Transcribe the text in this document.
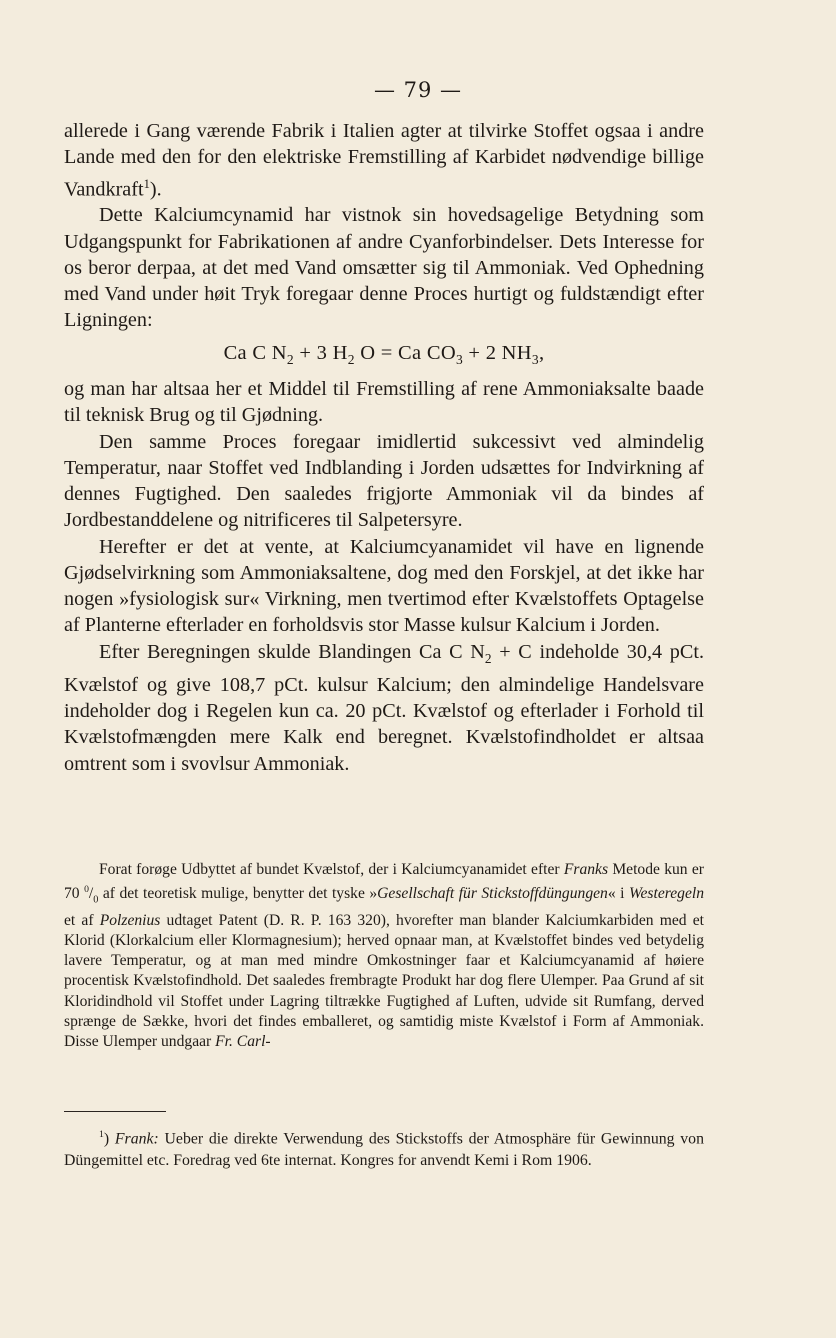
— 79 —

allerede i Gang værende Fabrik i Italien agter at tilvirke Stoffet ogsaa i andre Lande med den for den elektriske Fremstilling af Karbidet nødvendige billige Vandkraft$^1$).

Dette Kalciumcynamid har vistnok sin hovedsagelige Betydning som Udgangspunkt for Fabrikationen af andre Cyanforbindelser. Dets Interesse for os beror derpaa, at det med Vand omsætter sig til Ammoniak. Ved Ophedning med Vand under høit Tryk foregaar denne Proces hurtigt og fuldstændigt efter Ligningen:

Ca C $N_2 + 3$ $H_2$ O = Ca $CO_3 + 2$ $NH_3$,

og man har altsaa her et Middel til Fremstilling af rene Ammoniaksalte baade til teknisk Brug og til Gjødning.

Den samme Proces foregaar imidlertid sukcessivt ved almindelig Temperatur, naar Stoffet ved Indblanding i Jorden udsættes for Indvirkning af dennes Fugtighed. Den saaledes frigjorte Ammoniak vil da bindes af Jordbestanddelene og nitrificeres til Salpetersyre.

Herefter er det at vente, at Kalciumcyanamidet vil have en lignende Gjødselvirkning som Ammoniaksaltene, dog med den Forskjel, at det ikke har nogen »fysiologisk sur« Virkning, men tvertimod efter Kvælstoffets Optagelse af Planterne efterlader en forholdsvis stor Masse kulsur Kalcium i Jorden.

Efter Beregningen skulde Blandingen Ca C $N_2 + C$ indeholde 30,4 pCt. Kvælstof og give 108,7 pCt. kulsur Kalcium; den almindelige Handelsvare indeholder dog i Regelen kun ca. 20 pCt. Kvælstof og efterlader i Forhold til Kvælstofmængden mere Kalk end beregnet. Kvælstofindholdet er altsaa omtrent som i svovlsur Ammoniak.

Forat forøge Udbyttet af bundet Kvælstof, der i Kalciumcyanamidet efter Franks Metode kun er 70 $^0/_0$ af det teoretisk mulige, benytter det tyske »Gesellschaft für Stickstoffdüngungen« i Westeregeln et af Polzenius udtaget Patent (D. R. P. 163 320), hvorefter man blander Kalciumkarbiden med et Klorid (Klorkalcium eller Klormagnesium); herved opnaar man, at Kvælstoffet bindes ved betydelig lavere Temperatur, og at man med mindre Omkostninger faar et Kalciumcyanamid af høiere procentisk Kvælstofindhold. Det saaledes frembragte Produkt har dog flere Ulemper. Paa Grund af sit Kloridindhold vil Stoffet under Lagring tiltrække Fugtighed af Luften, udvide sit Rumfang, derved sprænge de Sække, hvori det findes emballeret, og samtidig miste Kvælstof i Form af Ammoniak. Disse Ulemper undgaar Fr. Carl-

$^1$) Frank: Ueber die direkte Verwendung des Stickstoffs der Atmosphäre für Gewinnung von Düngemittel etc. Foredrag ved 6te internat. Kongres for anvendt Kemi i Rom 1906.
